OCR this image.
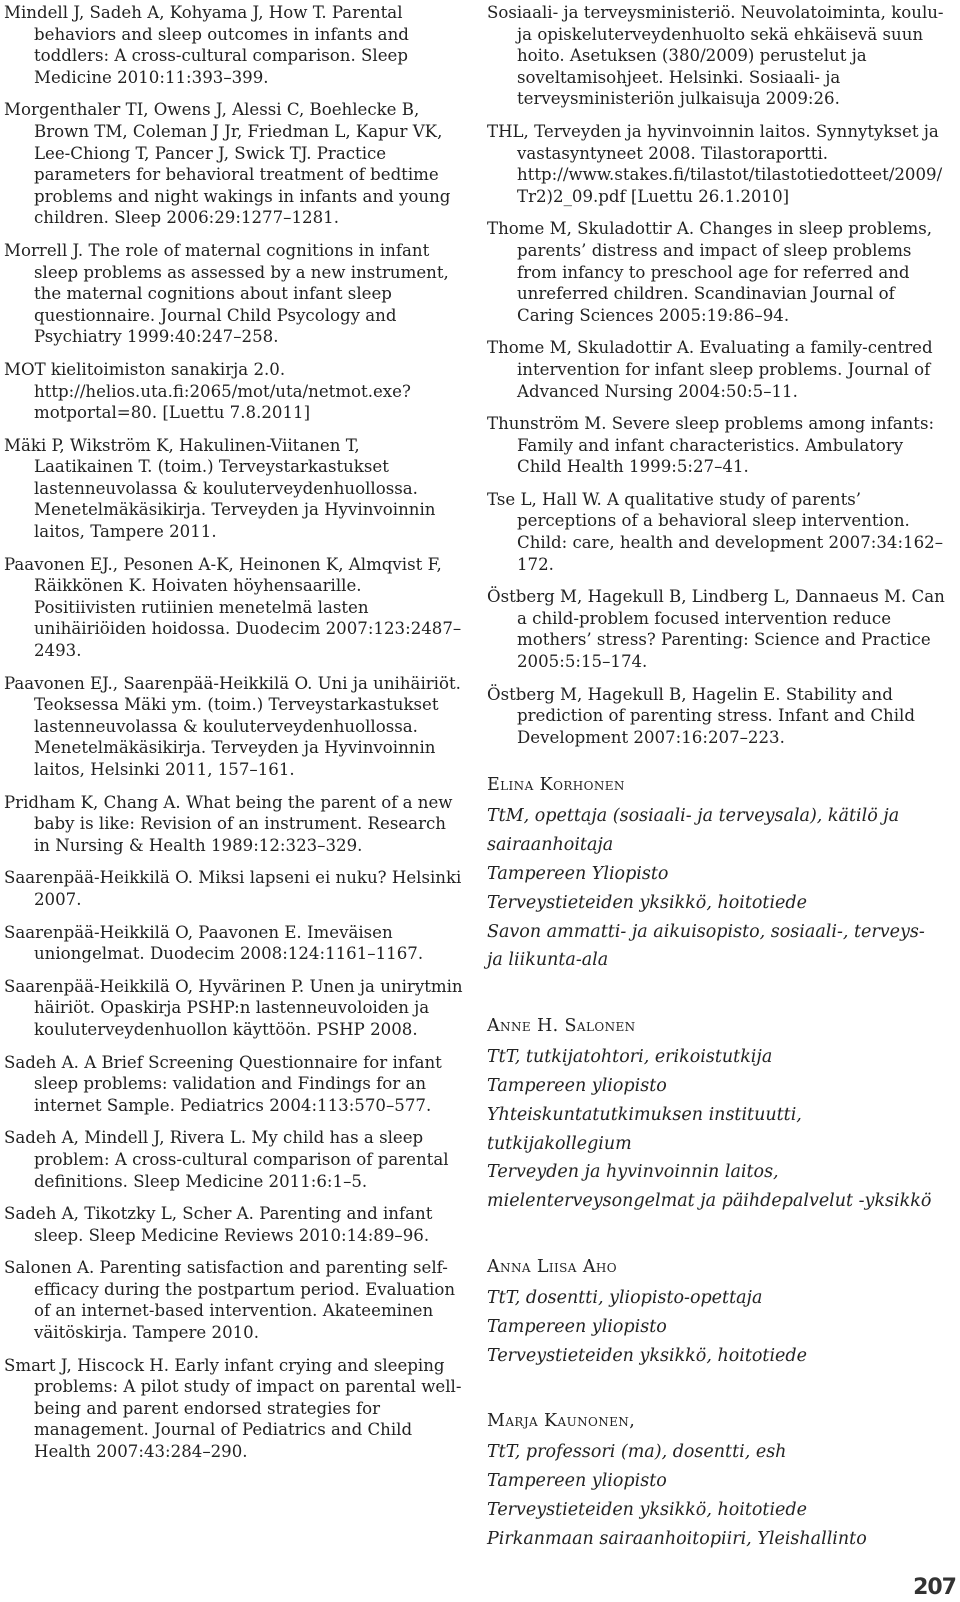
Mindell J, Sadeh A, Kohyama J, How T. Parental behaviors and sleep outcomes in infants and toddlers: A cross-cultural comparison. Sleep Medicine 2010:11:393–399.
Morgenthaler TI, Owens J, Alessi C, Boehlecke B, Brown TM, Coleman J Jr, Friedman L, Kapur VK, Lee-Chiong T, Pancer J, Swick TJ. Practice parameters for behavioral treatment of bedtime problems and night wakings in infants and young children. Sleep 2006:29:1277–1281.
Morrell J. The role of maternal cognitions in infant sleep problems as assessed by a new instrument, the maternal cognitions about infant sleep questionnaire. Journal Child Psycology and Psychiatry 1999:40:247–258.
MOT kielitoimiston sanakirja 2.0. http://helios.uta.fi:2065/mot/uta/netmot.exe?motportal=80. [Luettu 7.8.2011]
Mäki P, Wikström K, Hakulinen-Viitanen T, Laatikainen T. (toim.) Terveystarkastukset lastenneuvolassa & kouluterveydenhuollossa. Menetelmäkäsikirja. Terveyden ja Hyvinvoinnin laitos, Tampere 2011.
Paavonen EJ., Pesonen A-K, Heinonen K, Almqvist F, Räikkönen K. Hoivaten höyhensaarille. Positiivisten rutiinien menetelmä lasten unihäiriöiden hoidossa. Duodecim 2007:123:2487–2493.
Paavonen EJ., Saarenpää-Heikkilä O. Uni ja unihäiriöt. Teoksessa Mäki ym. (toim.) Terveystarkastukset lastenneuvolassa & kouluterveydenhuollossa. Menetelmäkäsikirja. Terveyden ja Hyvinvoinnin laitos, Helsinki 2011, 157–161.
Pridham K, Chang A. What being the parent of a new baby is like: Revision of an instrument. Research in Nursing & Health 1989:12:323–329.
Saarenpää-Heikkilä O. Miksi lapseni ei nuku? Helsinki 2007.
Saarenpää-Heikkilä O, Paavonen E. Imeväisen uniongelmat. Duodecim 2008:124:1161–1167.
Saarenpää-Heikkilä O, Hyvärinen P. Unen ja unirytmin häiriöt. Opaskirja PSHP:n lastenneuvoloiden ja kouluterveydenhuollon käyttöön. PSHP 2008.
Sadeh A. A Brief Screening Questionnaire for infant sleep problems: validation and Findings for an internet Sample. Pediatrics 2004:113:570–577.
Sadeh A, Mindell J, Rivera L. My child has a sleep problem: A cross-cultural comparison of parental definitions. Sleep Medicine 2011:6:1–5.
Sadeh A, Tikotzky L, Scher A. Parenting and infant sleep. Sleep Medicine Reviews 2010:14:89–96.
Salonen A. Parenting satisfaction and parenting self-efficacy during the postpartum period. Evaluation of an internet-based intervention. Akateeminen väitöskirja. Tampere 2010.
Smart J, Hiscock H. Early infant crying and sleeping problems: A pilot study of impact on parental well-being and parent endorsed strategies for management. Journal of Pediatrics and Child Health 2007:43:284–290.
Sosiaali- ja terveysministeriö. Neuvolatoiminta, koulu- ja opiskeluterveydenhuolto sekä ehkäisevä suun hoito. Asetuksen (380/2009) perustelut ja soveltamisohjeet. Helsinki. Sosiaali- ja terveysministeriön julkaisuja 2009:26.
THL, Terveyden ja hyvinvoinnin laitos. Synnytykset ja vastasyntyneet 2008. Tilastoraportti. http://www.stakes.fi/tilastot/tilastotiedotteet/2009/Tr2)2_09.pdf [Luettu 26.1.2010]
Thome M, Skuladottir A. Changes in sleep problems, parents’ distress and impact of sleep problems from infancy to preschool age for referred and unreferred children. Scandinavian Journal of Caring Sciences 2005:19:86–94.
Thome M, Skuladottir A. Evaluating a family-centred intervention for infant sleep problems. Journal of Advanced Nursing 2004:50:5–11.
Thunström M. Severe sleep problems among infants: Family and infant characteristics. Ambulatory Child Health 1999:5:27–41.
Tse L, Hall W. A qualitative study of parents’ perceptions of a behavioral sleep intervention. Child: care, health and development 2007:34:162–172.
Östberg M, Hagekull B, Lindberg L, Dannaeus M. Can a child-problem focused intervention reduce mothers’ stress? Parenting: Science and Practice 2005:5:15–174.
Östberg M, Hagekull B, Hagelin E. Stability and prediction of parenting stress. Infant and Child Development 2007:16:207–223.
Elina Korhonen
TtM, opettaja (sosiaali- ja terveysala), kätilö ja
sairaanhoitaja
Tampereen Yliopisto
Terveystieteiden yksikkö, hoitotiede
Savon ammatti- ja aikuisopisto, sosiaali-, terveys-
ja liikunta-ala
Anne H. Salonen
TtT, tutkijatohtori, erikoistutkija
Tampereen yliopisto
Yhteiskuntatutkimuksen instituutti,
tutkijakollegium
Terveyden ja hyvinvoinnin laitos,
mielenterveysongelmat ja päihdepalvelut -yksikkö
Anna Liisa Aho
TtT, dosentti, yliopisto-opettaja
Tampereen yliopisto
Terveystieteiden yksikkö, hoitotiede
Marja Kaunonen,
TtT, professori (ma), dosentti, esh
Tampereen yliopisto
Terveystieteiden yksikkö, hoitotiede
Pirkanmaan sairaanhoitopiiri, Yleishallinto
207
